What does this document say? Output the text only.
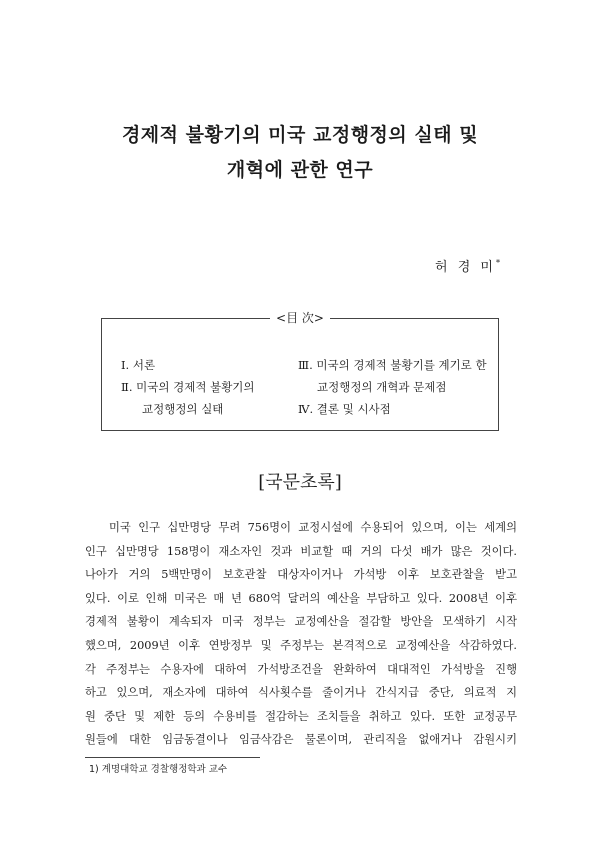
경제적 불황기의 미국 교정행정의 실태 및
개혁에 관한 연구
허 경 미*
<目 次>
Ⅰ. 서론
Ⅱ. 미국의 경제적 불황기의
교정행정의 실태
Ⅲ. 미국의 경제적 불황기를 계기로 한
교정행정의 개혁과 문제점
Ⅳ. 결론 및 시사점
[국문초록]
미국 인구 십만명당 무려 756명이 교정시설에 수용되어 있으며, 이는 세계의
인구 십만명당 158명이 재소자인 것과 비교할 때 거의 다섯 배가 많은 것이다.
나아가 거의 5백만명이 보호관찰 대상자이거나 가석방 이후 보호관찰을 받고
있다. 이로 인해 미국은 매 년 680억 달러의 예산을 부담하고 있다. 2008년 이후
경제적 불황이 계속되자 미국 정부는 교정예산을 절감할 방안을 모색하기 시작
했으며, 2009년 이후 연방정부 및 주정부는 본격적으로 교정예산을 삭감하였다.
각 주정부는 수용자에 대하여 가석방조건을 완화하여 대대적인 가석방을 진행
하고 있으며, 재소자에 대하여 식사횟수를 줄이거나 간식지급 중단, 의료적 지
원 중단 및 제한 등의 수용비를 절감하는 조치들을 취하고 있다. 또한 교정공무
원들에 대한 임금동결이나 임금삭감은 물론이며, 관리직을 없애거나 감원시키
1) 계명대학교 경찰행정학과 교수
